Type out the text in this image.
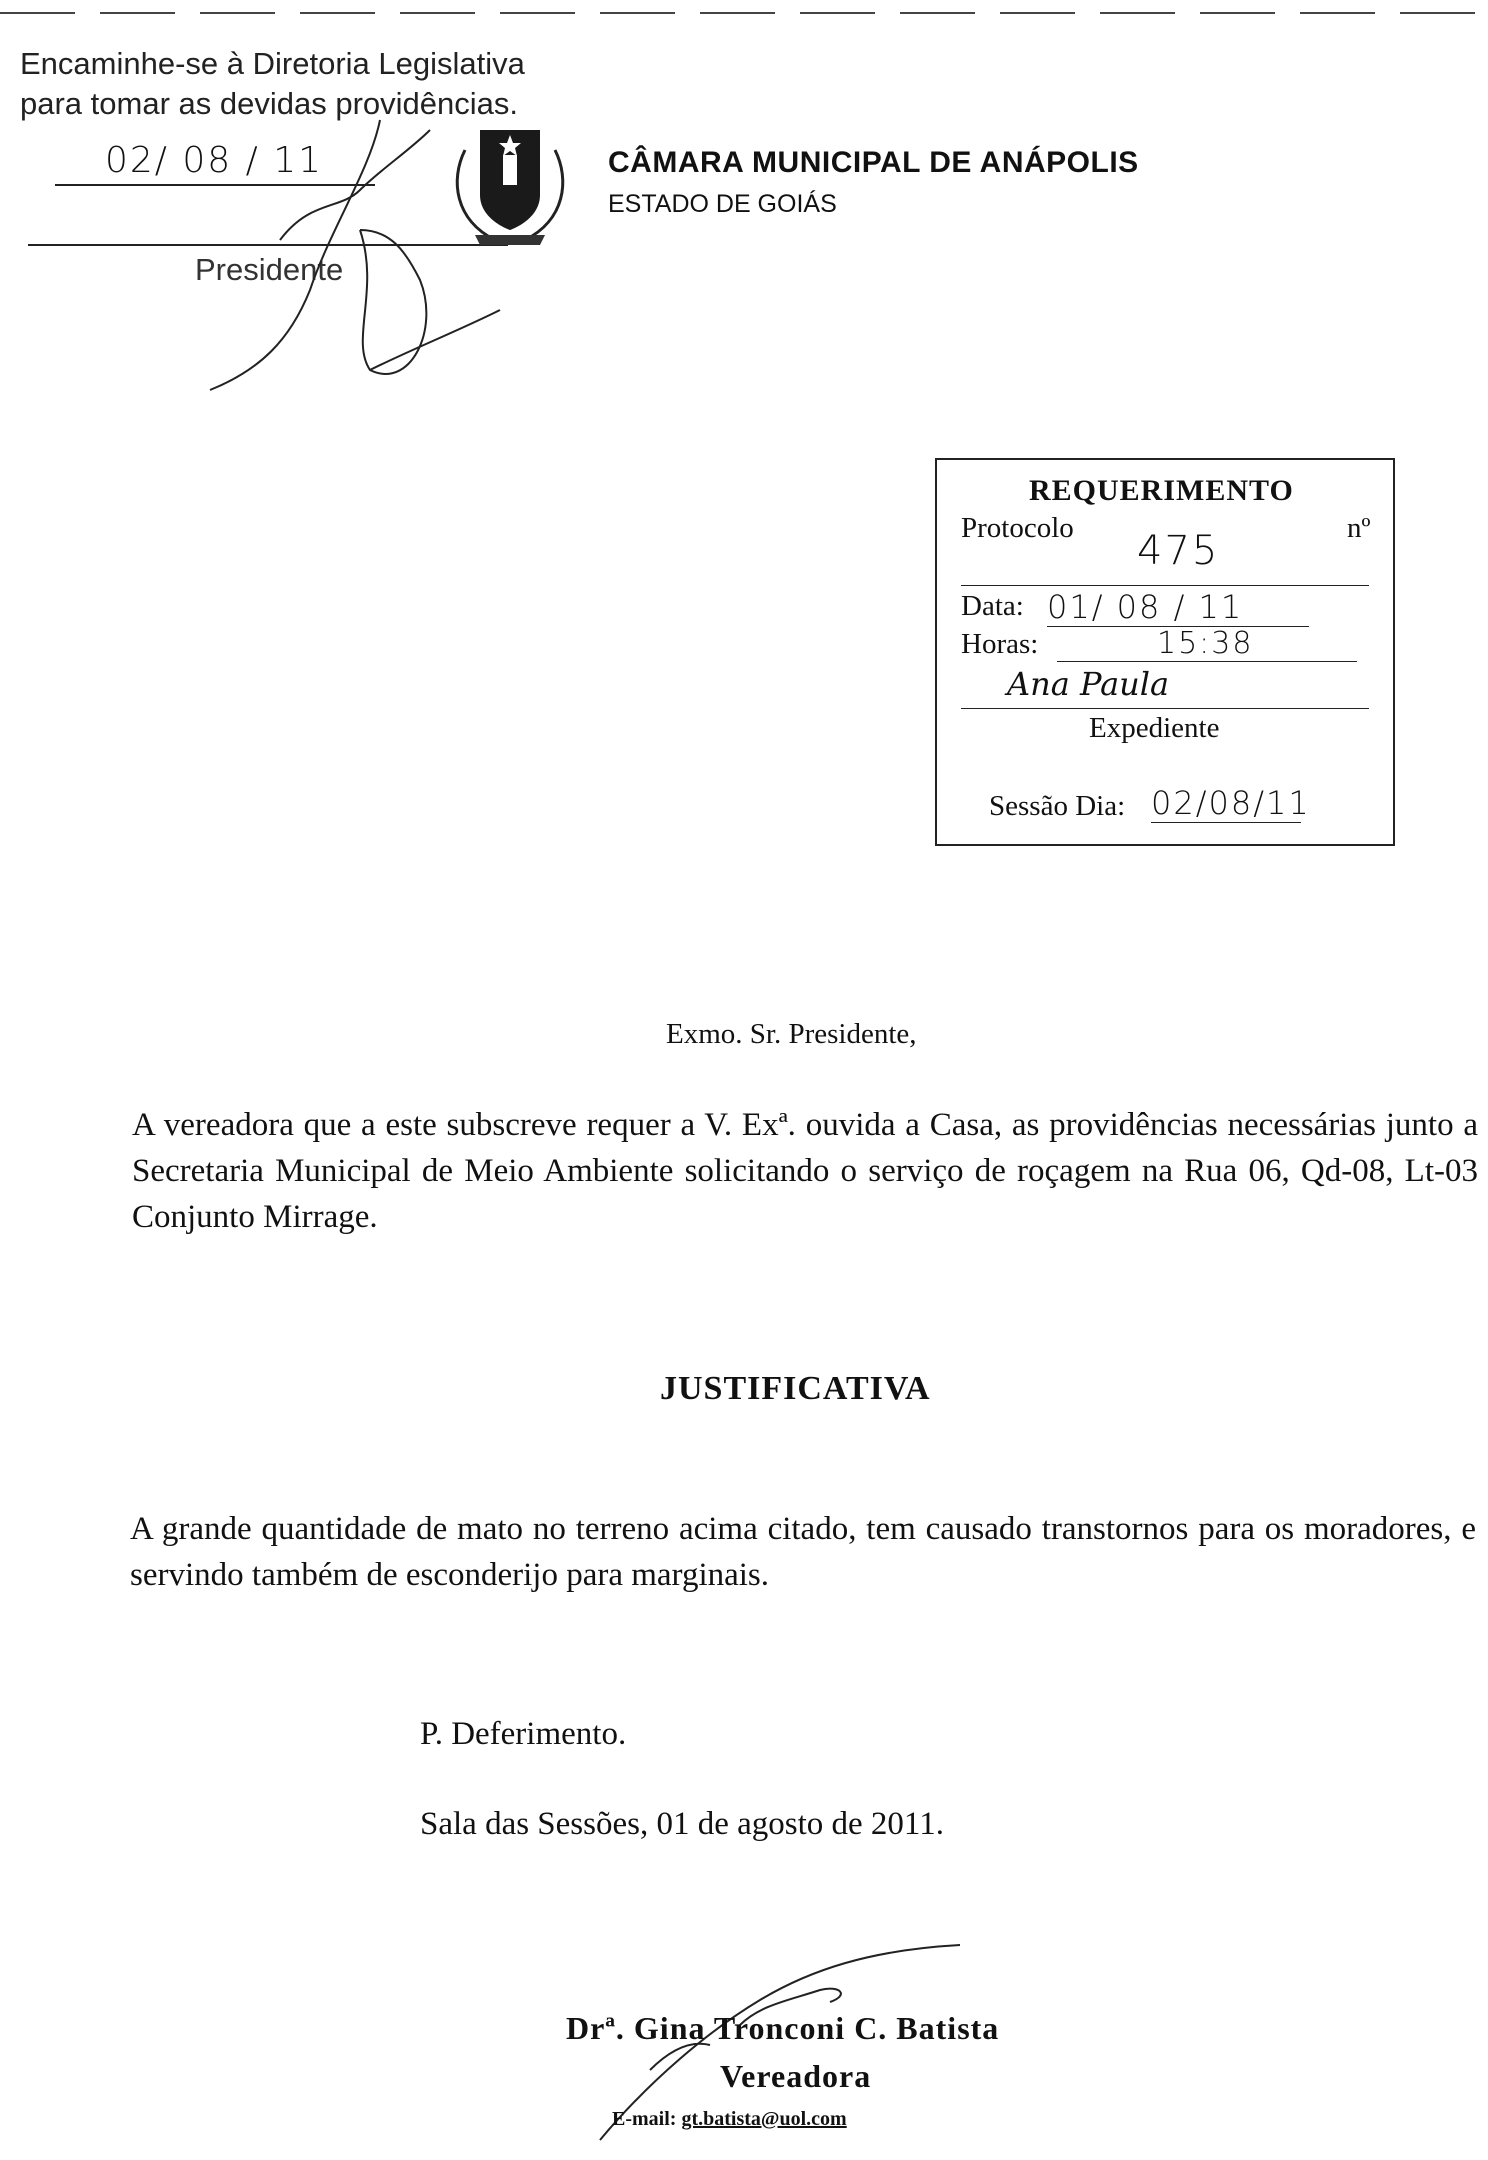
Encaminhe-se à Diretoria Legislativa
para tomar as devidas providências.
02/ 08 / 11
Presidente
CÂMARA MUNICIPAL DE ANÁPOLIS
ESTADO DE GOIÁS
REQUERIMENTO
Protocolo	nº
475
Data: 01/ 08 / 11
Horas:	15:38
Ana Paula
Expediente
Sessão Dia: 02/08/11
Exmo. Sr. Presidente,
A vereadora que a este subscreve requer a V. Exª. ouvida a Casa, as providências necessárias junto a Secretaria Municipal de Meio Ambiente solicitando o serviço de roçagem na Rua 06, Qd-08, Lt-03 Conjunto Mirrage.
JUSTIFICATIVA
A grande quantidade de mato no terreno acima citado, tem causado transtornos para os moradores, e servindo também de esconderijo para marginais.
P. Deferimento.
Sala das Sessões, 01 de agosto de 2011.
Drª. Gina Tronconi C. Batista
Vereadora
E-mail: gt.batista@uol.com
